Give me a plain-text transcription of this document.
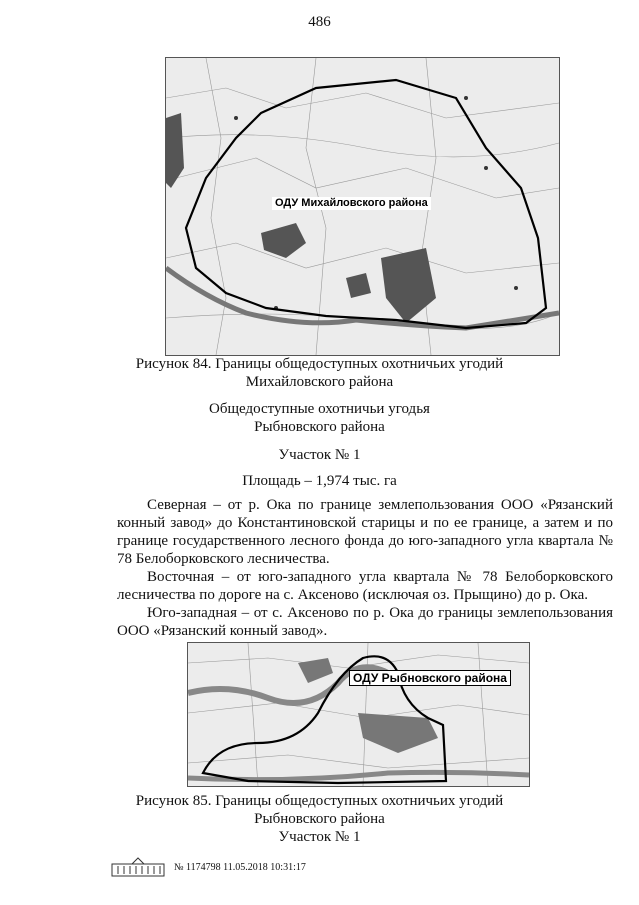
486
ОДУ Михайловского района
Рисунок 84. Границы общедоступных охотничьих угодий
Михайловского района
Общедоступные охотничьи угодья
Рыбновского района
Участок № 1
Площадь – 1,974 тыс. га

Северная – от р. Ока по границе землепользования ООО «Рязанский конный завод» до Константиновской старицы и по ее границе, а затем и по границе государственного лесного фонда до юго-западного угла квартала № 78 Белоборковского лесничества.

Восточная – от юго-западного угла квартала № 78 Белоборковского лесничества по дороге на с. Аксеново (исключая оз. Прыщино) до р. Ока.

Юго-западная – от с. Аксеново по р. Ока до границы землепользования ООО «Рязанский конный завод».

ОДУ Рыбновского района
Рисунок 85. Границы общедоступных охотничьих угодий
Рыбновского района
Участок № 1
№ 1174798 11.05.2018 10:31:17
